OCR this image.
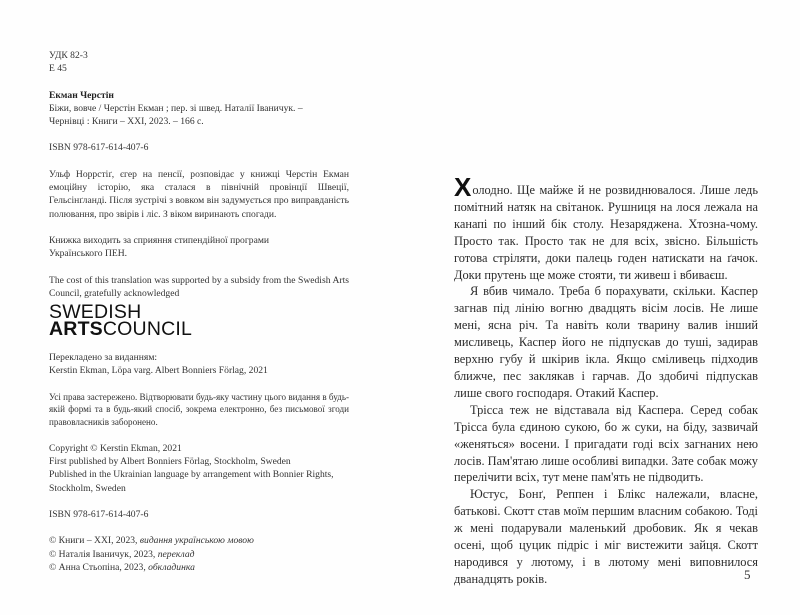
УДК 82-3

Е 45

Екман Черстін

Біжи, вовче / Черстін Екман ; пер. зі швед. Наталії Іваничук. –

Чернівці : Книги – ХХІ, 2023. – 166 с.

ISBN 978-617-614-407-6

Ульф Норрстіґ, єгер на пенсії, розповідає у книжці Черстін Екман емоційну історію, яка сталася в північній провінції Швеції, Гельсінґланді. Після зустрічі з вовком він задумується про виправданість полювання, про звірів і ліс. З віком виринають спогади.

Книжка виходить за сприяння стипендійної програми

Українського ПЕН.

The cost of this translation was supported by a subsidy from the Swedish Arts Council, gratefully acknowledged

SWEDISH
ARTSCOUNCIL

Перекладено за виданням:

Kerstin Ekman, Löpa varg. Albert Bonniers Förlag, 2021

Усі права застережено. Відтворювати будь-яку частину цього видання в будь-якій формі та в будь-який спосіб, зокрема електронно, без письмової згоди правовласників заборонено.

Copyright © Kerstin Ekman, 2021

First published by Albert Bonniers Förlag, Stockholm, Sweden

Published in the Ukrainian language by arrangement with Bonnier Rights, Stockholm, Sweden

ISBN 978-617-614-407-6

© Книги – ХХІ, 2023, видання українською мовою

© Наталія Іваничук, 2023, переклад

© Анна Стьопіна, 2023, обкладинка

Холодно. Ще майже й не розвиднювалося. Лише ледь помітний натяк на світанок. Рушниця на лося лежала на канапі по інший бік столу. Незаряджена. Хтозна-чому. Просто так. Просто так не для всіх, звісно. Більшість готова стріляти, доки палець годен натискати на ґачок. Доки прутень ще може стояти, ти живеш і вбиваєш.

Я вбив чимало. Треба б порахувати, скільки. Каспер загнав під лінію вогню двадцять вісім лосів. Не лише мені, ясна річ. Та навіть коли тварину валив інший мисливець, Каспер його не підпускав до туші, задирав верхню губу й шкірив ікла. Якщо сміливець підходив ближче, пес заклякав і гарчав. До здобичі підпускав лише свого господаря. Отакий Каспер.

Трісса теж не відставала від Каспера. Серед собак Трісса була єдиною сукою, бо ж суки, на біду, зазвичай «женяться» восени. І пригадати годі всіх загнаних нею лосів. Пам'ятаю лише особливі випадки. Зате собак можу перелічити всіх, тут мене пам'ять не підводить.

Юстус, Бонґ, Реппен і Блікс належали, власне, батькові. Скотт став моїм першим власним собакою. Тоді ж мені подарували маленький дробовик. Як я чекав осені, щоб цуцик підріс і міг вистежити зайця. Скотт народився у лютому, і в лютому мені виповнилося дванадцять років.	5
